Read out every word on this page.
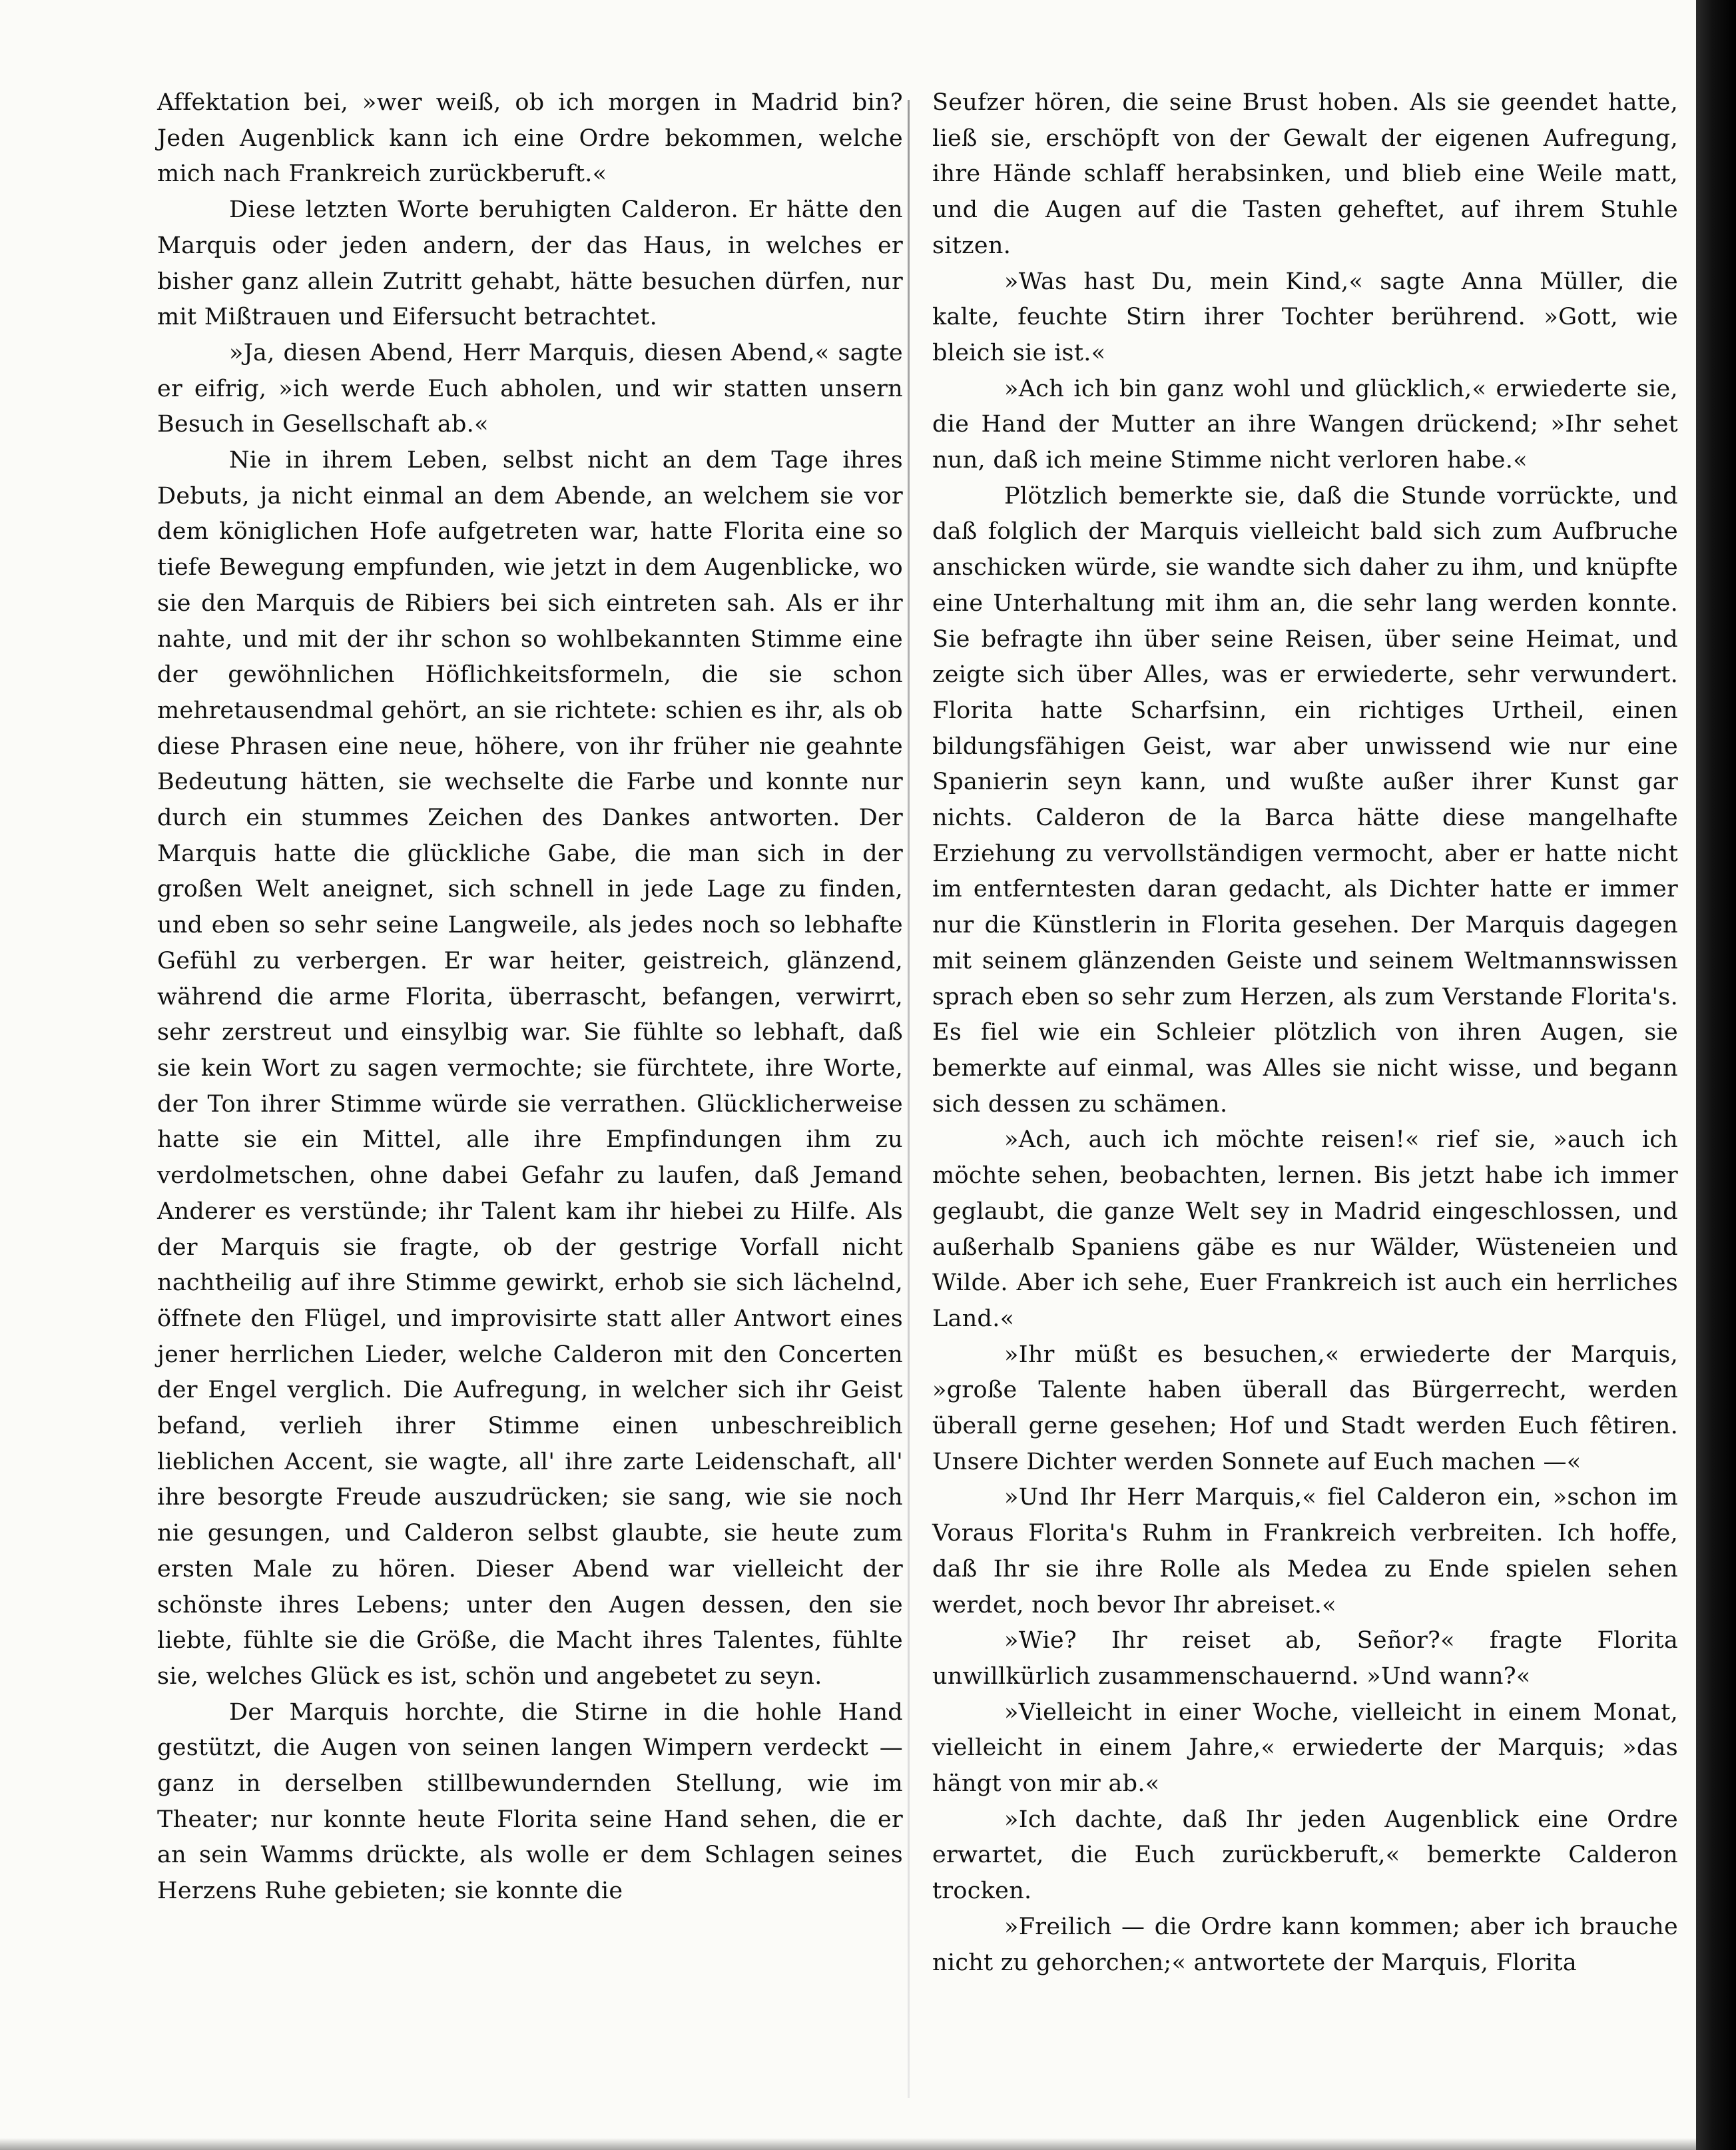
Affektation bei, »wer weiß, ob ich morgen in Madrid bin? Jeden Augenblick kann ich eine Ordre bekommen, welche mich nach Frankreich zurückberuft.«

Diese letzten Worte beruhigten Calderon. Er hätte den Marquis oder jeden andern, der das Haus, in welches er bisher ganz allein Zutritt gehabt, hätte besuchen dürfen, nur mit Mißtrauen und Eifersucht betrachtet.

»Ja, diesen Abend, Herr Marquis, diesen Abend,« sagte er eifrig, »ich werde Euch abholen, und wir statten unsern Besuch in Gesellschaft ab.«

Nie in ihrem Leben, selbst nicht an dem Tage ihres Debuts, ja nicht einmal an dem Abende, an welchem sie vor dem königlichen Hofe aufgetreten war, hatte Florita eine so tiefe Bewegung empfunden, wie jetzt in dem Augenblicke, wo sie den Marquis de Ribiers bei sich eintreten sah. Als er ihr nahte, und mit der ihr schon so wohlbekannten Stimme eine der gewöhnlichen Höflichkeitsformeln, die sie schon mehretausendmal gehört, an sie richtete: schien es ihr, als ob diese Phrasen eine neue, höhere, von ihr früher nie geahnte Bedeutung hätten, sie wechselte die Farbe und konnte nur durch ein stummes Zeichen des Dankes antworten. Der Marquis hatte die glückliche Gabe, die man sich in der großen Welt aneignet, sich schnell in jede Lage zu finden, und eben so sehr seine Langweile, als jedes noch so lebhafte Gefühl zu verbergen. Er war heiter, geistreich, glänzend, während die arme Florita, überrascht, befangen, verwirrt, sehr zerstreut und einsylbig war. Sie fühlte so lebhaft, daß sie kein Wort zu sagen vermochte; sie fürchtete, ihre Worte, der Ton ihrer Stimme würde sie verrathen. Glücklicherweise hatte sie ein Mittel, alle ihre Empfindungen ihm zu verdolmetschen, ohne dabei Gefahr zu laufen, daß Jemand Anderer es verstünde; ihr Talent kam ihr hiebei zu Hilfe. Als der Marquis sie fragte, ob der gestrige Vorfall nicht nachtheilig auf ihre Stimme gewirkt, erhob sie sich lächelnd, öffnete den Flügel, und improvisirte statt aller Antwort eines jener herrlichen Lieder, welche Calderon mit den Concerten der Engel verglich. Die Aufregung, in welcher sich ihr Geist befand, verlieh ihrer Stimme einen unbeschreiblich lieblichen Accent, sie wagte, all' ihre zarte Leidenschaft, all' ihre besorgte Freude auszudrücken; sie sang, wie sie noch nie gesungen, und Calderon selbst glaubte, sie heute zum ersten Male zu hören. Dieser Abend war vielleicht der schönste ihres Lebens; unter den Augen dessen, den sie liebte, fühlte sie die Größe, die Macht ihres Talentes, fühlte sie, welches Glück es ist, schön und angebetet zu seyn.

Der Marquis horchte, die Stirne in die hohle Hand gestützt, die Augen von seinen langen Wimpern verdeckt — ganz in derselben stillbewundernden Stellung, wie im Theater; nur konnte heute Florita seine Hand sehen, die er an sein Wamms drückte, als wolle er dem Schlagen seines Herzens Ruhe gebieten; sie konnte die

Seufzer hören, die seine Brust hoben. Als sie geendet hatte, ließ sie, erschöpft von der Gewalt der eigenen Aufregung, ihre Hände schlaff herabsinken, und blieb eine Weile matt, und die Augen auf die Tasten geheftet, auf ihrem Stuhle sitzen.

»Was hast Du, mein Kind,« sagte Anna Müller, die kalte, feuchte Stirn ihrer Tochter berührend. »Gott, wie bleich sie ist.«

»Ach ich bin ganz wohl und glücklich,« erwiederte sie, die Hand der Mutter an ihre Wangen drückend; »Ihr sehet nun, daß ich meine Stimme nicht verloren habe.«

Plötzlich bemerkte sie, daß die Stunde vorrückte, und daß folglich der Marquis vielleicht bald sich zum Aufbruche anschicken würde, sie wandte sich daher zu ihm, und knüpfte eine Unterhaltung mit ihm an, die sehr lang werden konnte. Sie befragte ihn über seine Reisen, über seine Heimat, und zeigte sich über Alles, was er erwiederte, sehr verwundert. Florita hatte Scharfsinn, ein richtiges Urtheil, einen bildungsfähigen Geist, war aber unwissend wie nur eine Spanierin seyn kann, und wußte außer ihrer Kunst gar nichts. Calderon de la Barca hätte diese mangelhafte Erziehung zu vervollständigen vermocht, aber er hatte nicht im entferntesten daran gedacht, als Dichter hatte er immer nur die Künstlerin in Florita gesehen. Der Marquis dagegen mit seinem glänzenden Geiste und seinem Weltmannswissen sprach eben so sehr zum Herzen, als zum Verstande Florita's. Es fiel wie ein Schleier plötzlich von ihren Augen, sie bemerkte auf einmal, was Alles sie nicht wisse, und begann sich dessen zu schämen.

»Ach, auch ich möchte reisen!« rief sie, »auch ich möchte sehen, beobachten, lernen. Bis jetzt habe ich immer geglaubt, die ganze Welt sey in Madrid eingeschlossen, und außerhalb Spaniens gäbe es nur Wälder, Wüsteneien und Wilde. Aber ich sehe, Euer Frankreich ist auch ein herrliches Land.«

»Ihr müßt es besuchen,« erwiederte der Marquis, »große Talente haben überall das Bürgerrecht, werden überall gerne gesehen; Hof und Stadt werden Euch fêtiren. Unsere Dichter werden Sonnete auf Euch machen —«

»Und Ihr Herr Marquis,« fiel Calderon ein, »schon im Voraus Florita's Ruhm in Frankreich verbreiten. Ich hoffe, daß Ihr sie ihre Rolle als Medea zu Ende spielen sehen werdet, noch bevor Ihr abreiset.«

»Wie? Ihr reiset ab, Señor?« fragte Florita unwillkürlich zusammenschauernd. »Und wann?«

»Vielleicht in einer Woche, vielleicht in einem Monat, vielleicht in einem Jahre,« erwiederte der Marquis; »das hängt von mir ab.«

»Ich dachte, daß Ihr jeden Augenblick eine Ordre erwartet, die Euch zurückberuft,« bemerkte Calderon trocken.

»Freilich — die Ordre kann kommen; aber ich brauche nicht zu gehorchen;« antwortete der Marquis, Florita
